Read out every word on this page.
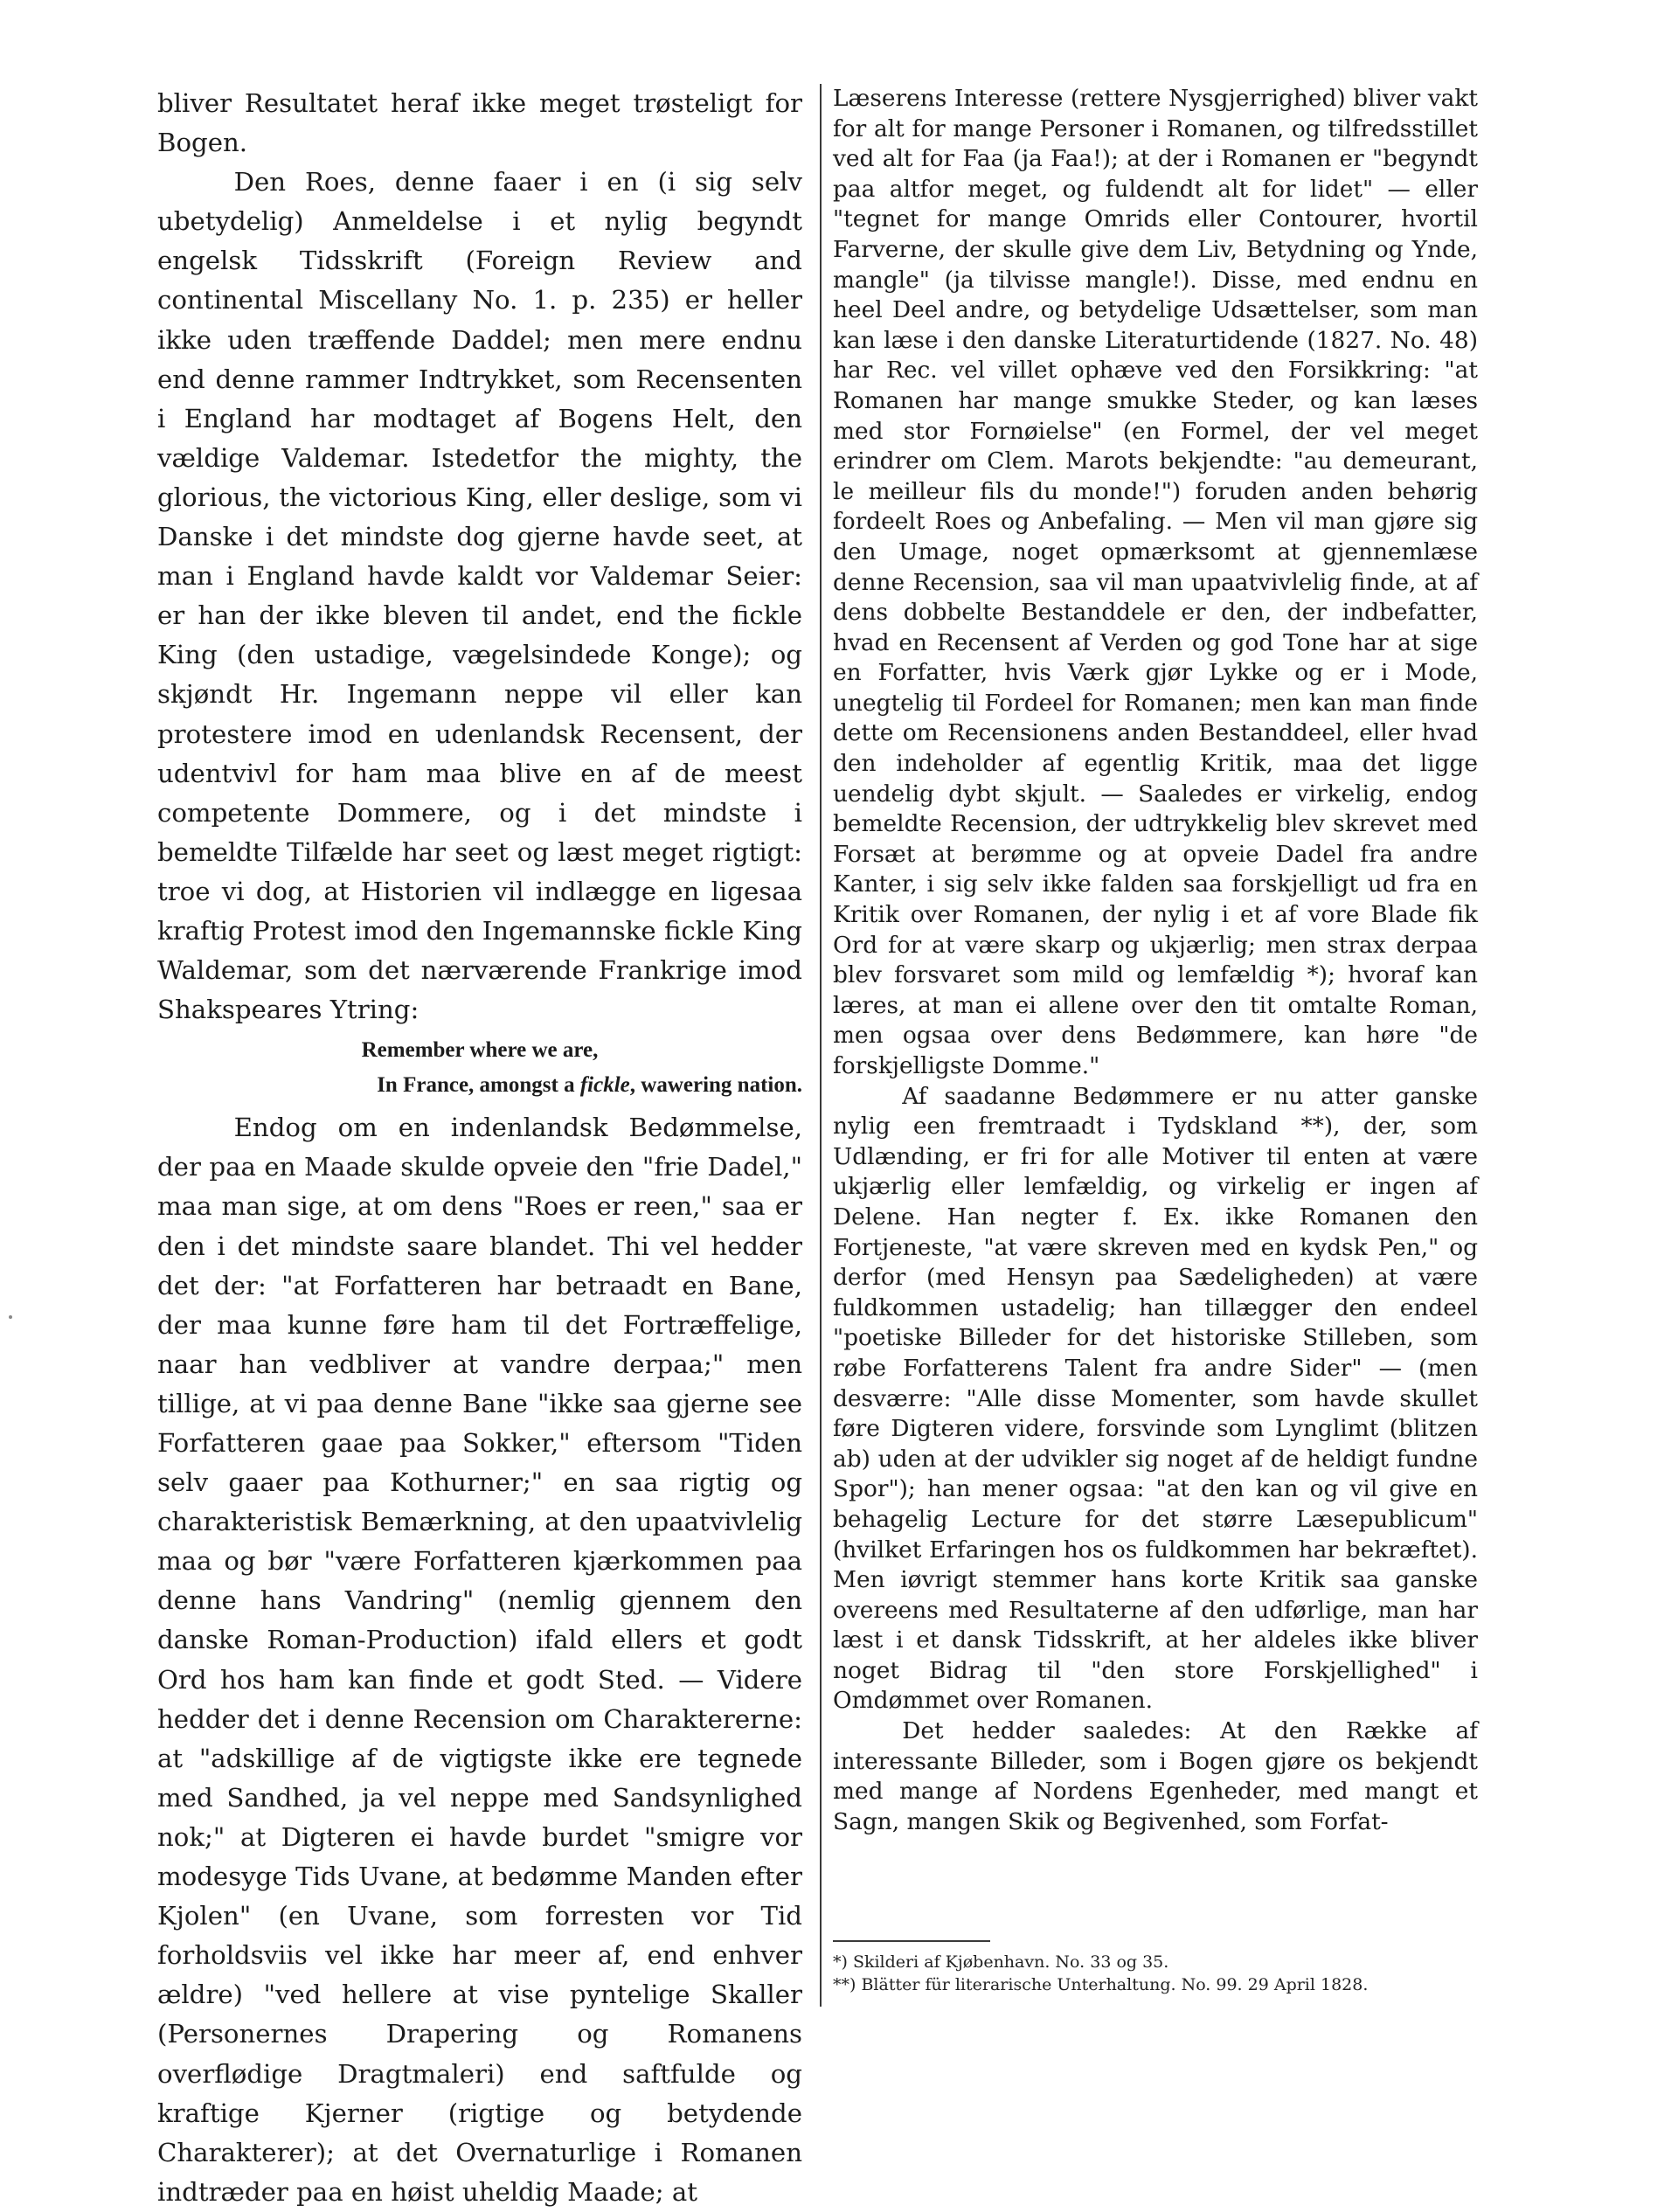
bliver Resultatet heraf ikke meget trøsteligt for Bogen.

Den Roes, denne faaer i en (i sig selv ubetydelig) Anmeldelse i et nylig begyndt engelsk Tidsskrift (Foreign Review and continental Miscellany No. 1. p. 235) er heller ikke uden træffende Daddel; men mere endnu end denne rammer Indtrykket, som Recensenten i England har modtaget af Bogens Helt, den vældige Valdemar. Istedetfor the mighty, the glorious, the victorious King, eller deslige, som vi Danske i det mindste dog gjerne havde seet, at man i England havde kaldt vor Valdemar Seier: er han der ikke bleven til andet, end the fickle King (den ustadige, vægelsindede Konge); og skjøndt Hr. Ingemann neppe vil eller kan protestere imod en udenlandsk Recensent, der udentvivl for ham maa blive en af de meest competente Dommere, og i det mindste i bemeldte Tilfælde har seet og læst meget rigtigt: troe vi dog, at Historien vil indlægge en ligesaa kraftig Protest imod den Ingemannske fickle King Waldemar, som det nærværende Frankrige imod Shakspeares Ytring:

Remember where we are,
In France, amongst a fickle, wawering nation.

Endog om en indenlandsk Bedømmelse, der paa en Maade skulde opveie den "frie Dadel," maa man sige, at om dens "Roes er reen," saa er den i det mindste saare blandet. Thi vel hedder det der: "at Forfatteren har betraadt en Bane, der maa kunne føre ham til det Fortræffelige, naar han vedbliver at vandre derpaa;" men tillige, at vi paa denne Bane "ikke saa gjerne see Forfatteren gaae paa Sokker," eftersom "Tiden selv gaaer paa Kothurner;" en saa rigtig og charakteristisk Bemærkning, at den upaatvivlelig maa og bør "være Forfatteren kjærkommen paa denne hans Vandring" (nemlig gjennem den danske Roman-Production) ifald ellers et godt Ord hos ham kan finde et godt Sted. — Videre hedder det i denne Recension om Charaktererne: at "adskillige af de vigtigste ikke ere tegnede med Sandhed, ja vel neppe med Sandsynlighed nok;" at Digteren ei havde burdet "smigre vor modesyge Tids Uvane, at bedømme Manden efter Kjolen" (en Uvane, som forresten vor Tid forholdsviis vel ikke har meer af, end enhver ældre) "ved hellere at vise pyntelige Skaller (Personernes Drapering og Romanens overflødige Dragtmaleri) end saftfulde og kraftige Kjerner (rigtige og betydende Charakterer); at det Overnaturlige i Romanen indtræder paa en høist uheldig Maade; at

Læserens Interesse (rettere Nysgjerrighed) bliver vakt for alt for mange Personer i Romanen, og tilfredsstillet ved alt for Faa (ja Faa!); at der i Romanen er "begyndt paa altfor meget, og fuldendt alt for lidet" — eller "tegnet for mange Omrids eller Contourer, hvortil Farverne, der skulle give dem Liv, Betydning og Ynde, mangle" (ja tilvisse mangle!). Disse, med endnu en heel Deel andre, og betydelige Udsættelser, som man kan læse i den danske Literaturtidende (1827. No. 48) har Rec. vel villet ophæve ved den Forsikkring: "at Romanen har mange smukke Steder, og kan læses med stor Fornøielse" (en Formel, der vel meget erindrer om Clem. Marots bekjendte: "au demeurant, le meilleur fils du monde!") foruden anden behørig fordeelt Roes og Anbefaling. — Men vil man gjøre sig den Umage, noget opmærksomt at gjennemlæse denne Recension, saa vil man upaatvivlelig finde, at af dens dobbelte Bestanddele er den, der indbefatter, hvad en Recensent af Verden og god Tone har at sige en Forfatter, hvis Værk gjør Lykke og er i Mode, unegtelig til Fordeel for Romanen; men kan man finde dette om Recensionens anden Bestanddeel, eller hvad den indeholder af egentlig Kritik, maa det ligge uendelig dybt skjult. — Saaledes er virkelig, endog bemeldte Recension, der udtrykkelig blev skrevet med Forsæt at berømme og at opveie Dadel fra andre Kanter, i sig selv ikke falden saa forskjelligt ud fra en Kritik over Romanen, der nylig i et af vore Blade fik Ord for at være skarp og ukjærlig; men strax derpaa blev forsvaret som mild og lemfældig *); hvoraf kan læres, at man ei allene over den tit omtalte Roman, men ogsaa over dens Bedømmere, kan høre "de forskjelligste Domme."

Af saadanne Bedømmere er nu atter ganske nylig een fremtraadt i Tydskland **), der, som Udlænding, er fri for alle Motiver til enten at være ukjærlig eller lemfældig, og virkelig er ingen af Delene. Han negter f. Ex. ikke Romanen den Fortjeneste, "at være skreven med en kydsk Pen," og derfor (med Hensyn paa Sædeligheden) at være fuldkommen ustadelig; han tillægger den endeel "poetiske Billeder for det historiske Stilleben, som røbe Forfatterens Talent fra andre Sider" — (men desværre: "Alle disse Momenter, som havde skullet føre Digteren videre, forsvinde som Lynglimt (blitzen ab) uden at der udvikler sig noget af de heldigt fundne Spor"); han mener ogsaa: "at den kan og vil give en behagelig Lecture for det større Læsepublicum" (hvilket Erfaringen hos os fuldkommen har bekræftet). Men iøvrigt stemmer hans korte Kritik saa ganske overeens med Resultaterne af den udførlige, man har læst i et dansk Tidsskrift, at her aldeles ikke bliver noget Bidrag til "den store Forskjellighed" i Omdømmet over Romanen.

Det hedder saaledes: At den Række af interessante Billeder, som i Bogen gjøre os bekjendt med mange af Nordens Egenheder, med mangt et Sagn, mangen Skik og Begivenhed, som Forfat-

*) Skilderi af Kjøbenhavn. No. 33 og 35.
**) Blätter für literarische Unterhaltung. No. 99. 29 April 1828.
